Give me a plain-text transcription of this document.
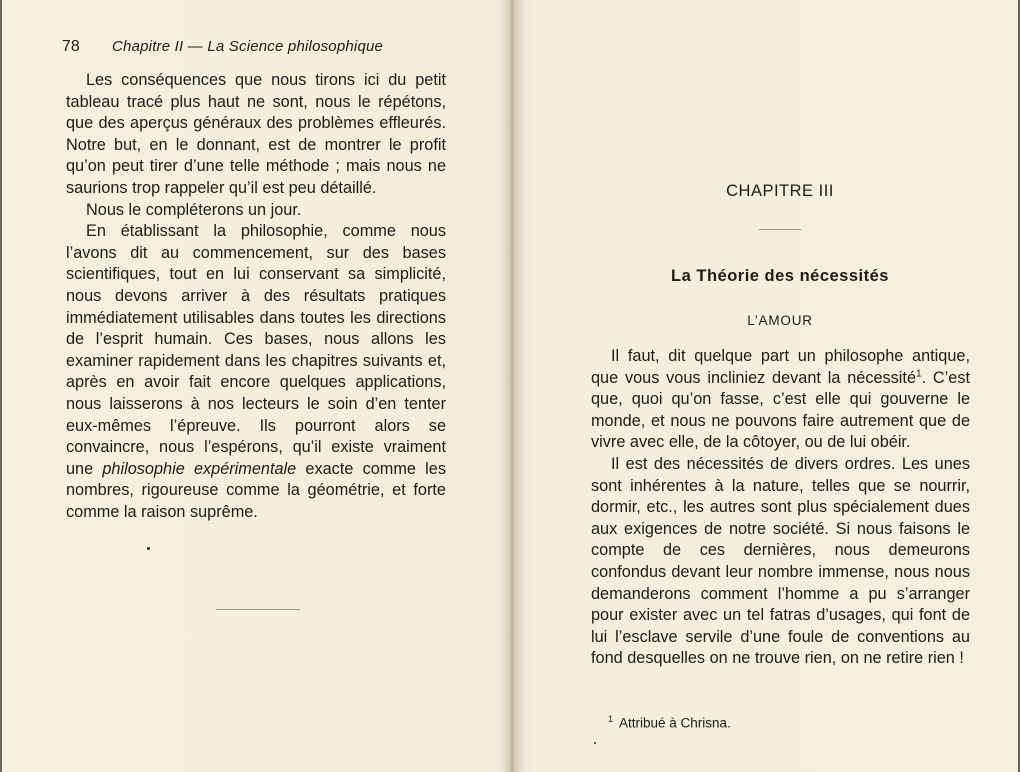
78 Chapitre II — La Science philosophique

Les conséquences que nous tirons ici du petit tableau tracé plus haut ne sont, nous le répétons, que des aperçus généraux des problèmes effleurés. Notre but, en le donnant, est de montrer le profit qu’on peut tirer d’une telle méthode ; mais nous ne saurions trop rappeler qu’il est peu détaillé.

Nous le compléterons un jour.

En établissant la philosophie, comme nous l’avons dit au commencement, sur des bases scientifiques, tout en lui conservant sa simplicité, nous devons arriver à des résultats pratiques immédiatement utilisables dans toutes les directions de l’esprit humain. Ces bases, nous allons les examiner rapidement dans les chapitres suivants et, après en avoir fait encore quelques applications, nous laisserons à nos lecteurs le soin d’en tenter eux-mêmes l’épreuve. Ils pourront alors se convaincre, nous l’espérons, qu’il existe vraiment une philosophie expérimentale exacte comme les nombres, rigoureuse comme la géométrie, et forte comme la raison suprême.

CHAPITRE III
La Théorie des nécessités
L’AMOUR

Il faut, dit quelque part un philosophe antique, que vous vous incliniez devant la nécessité$^1$. C’est que, quoi qu’on fasse, c’est elle qui gouverne le monde, et nous ne pouvons faire autrement que de vivre avec elle, de la côtoyer, ou de lui obéir.

Il est des nécessités de divers ordres. Les unes sont inhérentes à la nature, telles que se nourrir, dormir, etc., les autres sont plus spécialement dues aux exigences de notre société. Si nous faisons le compte de ces dernières, nous demeurons confondus devant leur nombre immense, nous nous demanderons comment l’homme a pu s’arranger pour exister avec un tel fatras d’usages, qui font de lui l’esclave servile d’une foule de conventions au fond desquelles on ne trouve rien, on ne retire rien !

$^1$ Attribué à Chrisna.
